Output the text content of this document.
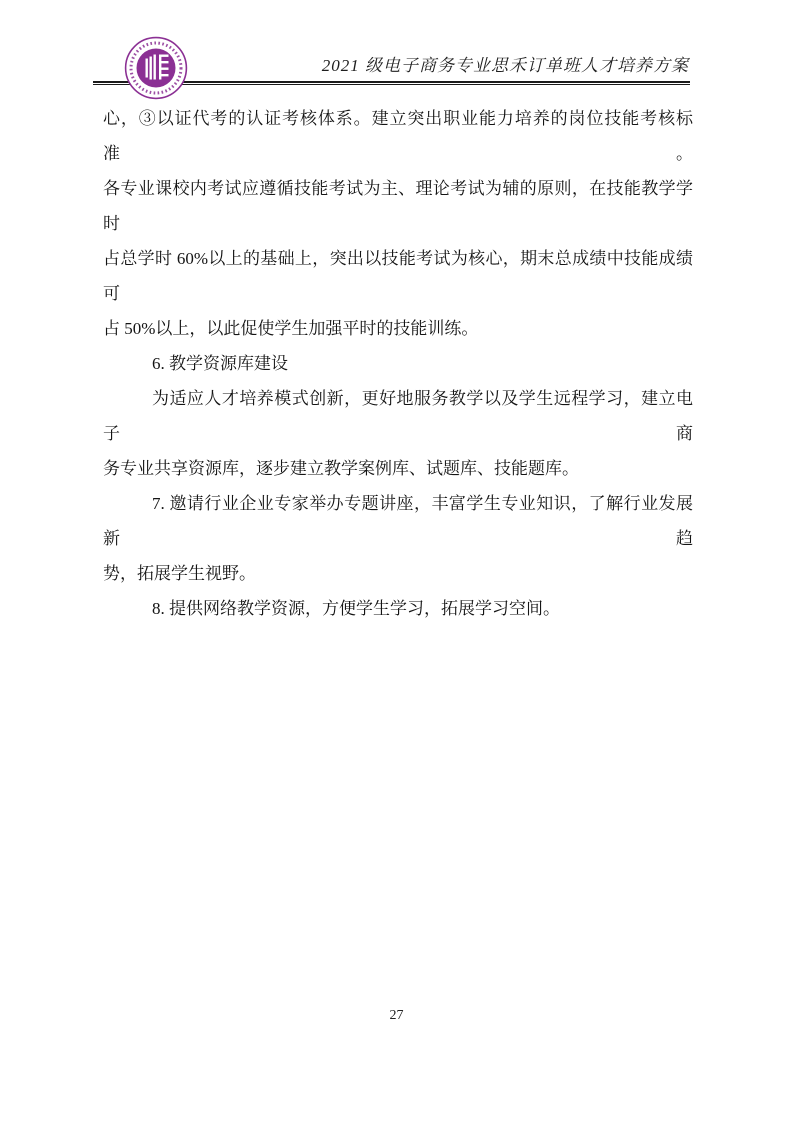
2021 级电子商务专业思禾订单班人才培养方案
心，③以证代考的认证考核体系。建立突出职业能力培养的岗位技能考核标准。
各专业课校内考试应遵循技能考试为主、理论考试为辅的原则，在技能教学学时
占总学时 60%以上的基础上，突出以技能考试为核心，期末总成绩中技能成绩可
占 50%以上，以此促使学生加强平时的技能训练。
6. 教学资源库建设
为适应人才培养模式创新，更好地服务教学以及学生远程学习，建立电子商
务专业共享资源库，逐步建立教学案例库、试题库、技能题库。
7. 邀请行业企业专家举办专题讲座，丰富学生专业知识，了解行业发展新趋
势，拓展学生视野。
8. 提供网络教学资源，方便学生学习，拓展学习空间。
27
